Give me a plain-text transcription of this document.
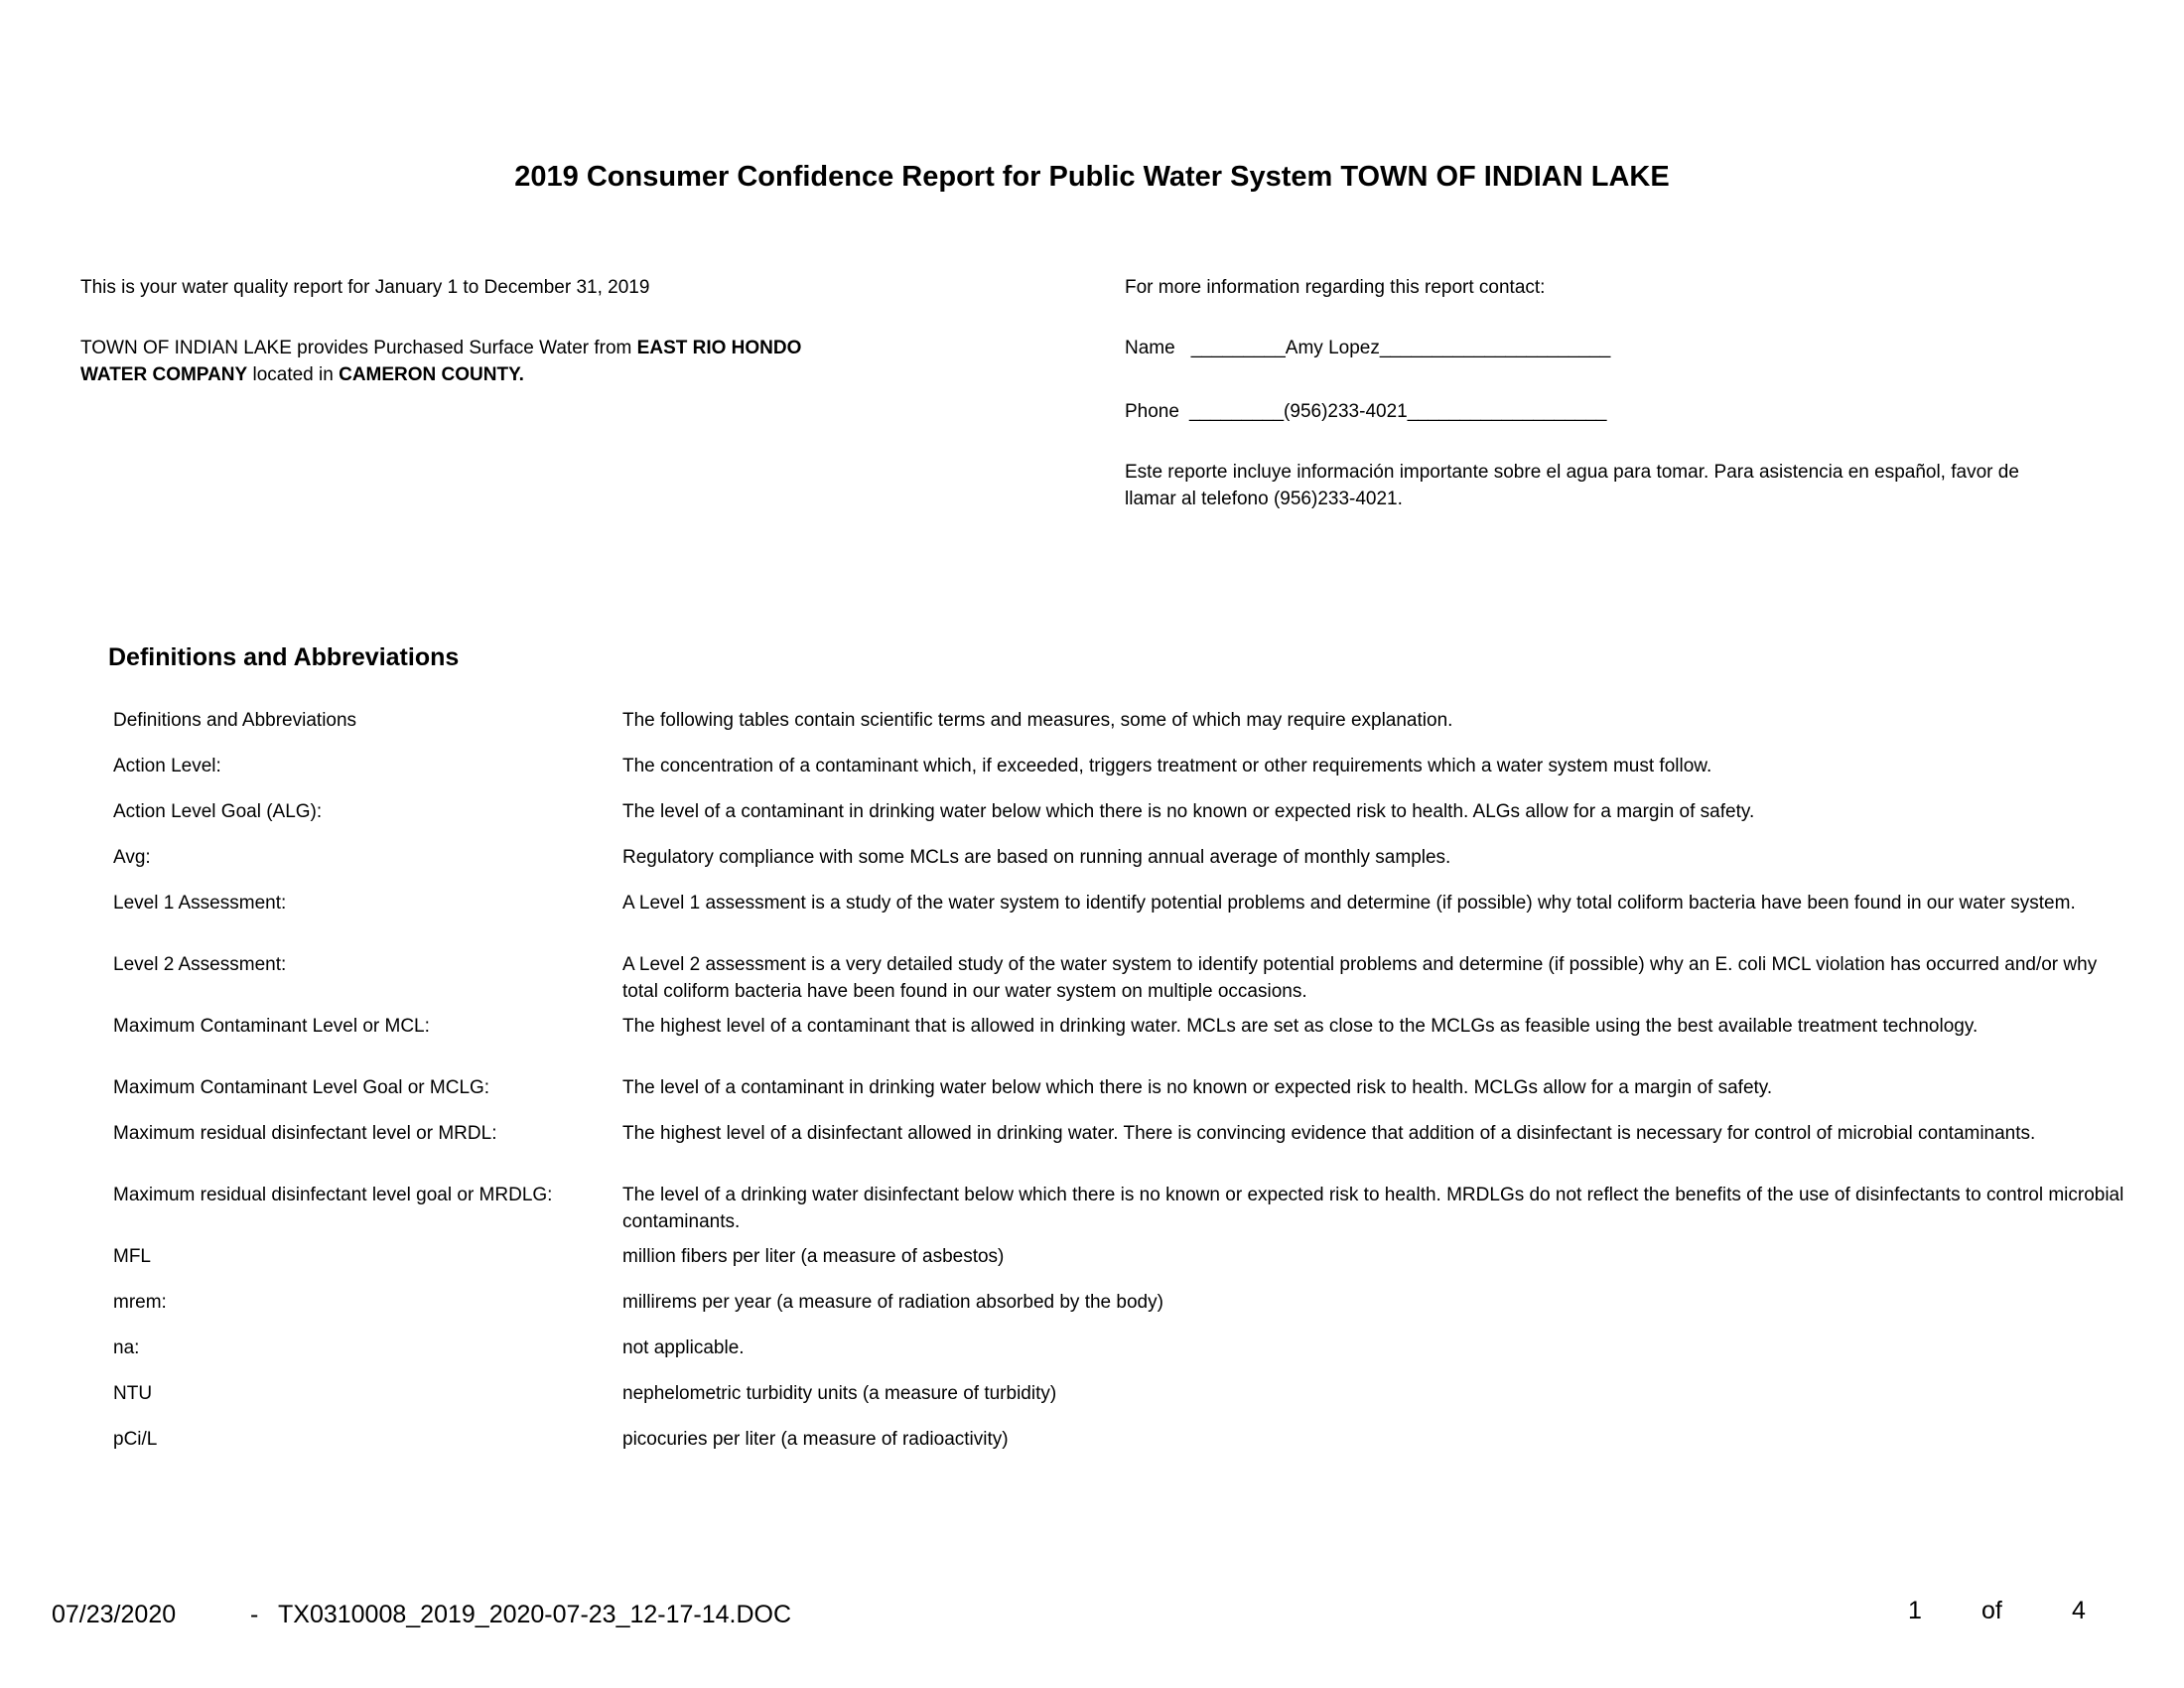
2019 Consumer Confidence Report for Public Water System TOWN OF INDIAN LAKE
This is your water quality report for January 1 to December 31, 2019
TOWN OF INDIAN LAKE provides Purchased Surface Water from EAST RIO HONDO
WATER COMPANY located in CAMERON COUNTY.
For more information regarding this report contact:
Name _________Amy Lopez______________________
Phone _________(956)233-4021___________________
Este reporte incluye información importante sobre el agua para tomar. Para asistencia en español, favor de
llamar al telefono (956)233-4021.
Definitions and Abbreviations
Definitions and Abbreviations	The following tables contain scientific terms and measures, some of which may require explanation.
Action Level:	The concentration of a contaminant which, if exceeded, triggers treatment or other requirements which a water system must follow.
Action Level Goal (ALG):	The level of a contaminant in drinking water below which there is no known or expected risk to health. ALGs allow for a margin of safety.
Avg:	Regulatory compliance with some MCLs are based on running annual average of monthly samples.
Level 1 Assessment:	A Level 1 assessment is a study of the water system to identify potential problems and determine (if possible) why total coliform bacteria have been found in our water system.
Level 2 Assessment:	A Level 2 assessment is a very detailed study of the water system to identify potential problems and determine (if possible) why an E. coli MCL violation has occurred and/or why total coliform bacteria have been found in our water system on multiple occasions.
Maximum Contaminant Level or MCL:	The highest level of a contaminant that is allowed in drinking water. MCLs are set as close to the MCLGs as feasible using the best available treatment technology.
Maximum Contaminant Level Goal or MCLG:	The level of a contaminant in drinking water below which there is no known or expected risk to health. MCLGs allow for a margin of safety.
Maximum residual disinfectant level or MRDL:	The highest level of a disinfectant allowed in drinking water. There is convincing evidence that addition of a disinfectant is necessary for control of microbial contaminants.
Maximum residual disinfectant level goal or MRDLG:	The level of a drinking water disinfectant below which there is no known or expected risk to health. MRDLGs do not reflect the benefits of the use of disinfectants to control microbial contaminants.
MFL	million fibers per liter (a measure of asbestos)
mrem:	millirems per year (a measure of radiation absorbed by the body)
na:	not applicable.
NTU	nephelometric turbidity units (a measure of turbidity)
pCi/L	picocuries per liter (a measure of radioactivity)
07/23/2020	- TX0310008_2019_2020-07-23_12-17-14.DOC	1 of	4
